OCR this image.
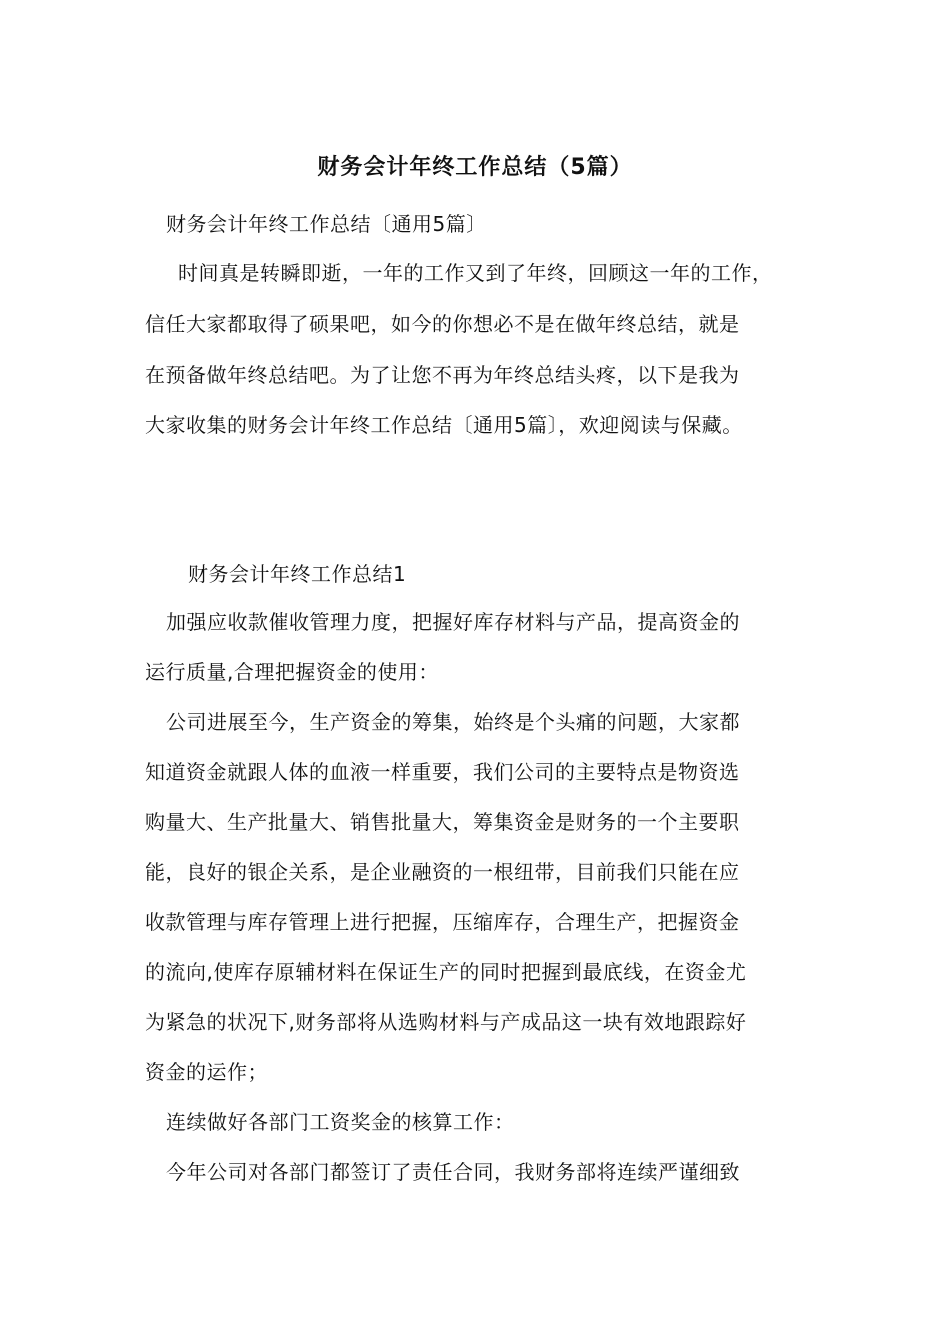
财务会计年终工作总结（5篇）
财务会计年终工作总结〔通用5篇〕
时间真是转瞬即逝，一年的工作又到了年终，回顾这一年的工作，
信任大家都取得了硕果吧，如今的你想必不是在做年终总结，就是
在预备做年终总结吧。为了让您不再为年终总结头疼，以下是我为
大家收集的财务会计年终工作总结〔通用5篇〕，欢迎阅读与保藏。
财务会计年终工作总结1
加强应收款催收管理力度，把握好库存材料与产品，提高资金的
运行质量,合理把握资金的使用：
公司进展至今，生产资金的筹集，始终是个头痛的问题，大家都
知道资金就跟人体的血液一样重要，我们公司的主要特点是物资选
购量大、生产批量大、销售批量大，筹集资金是财务的一个主要职
能，良好的银企关系，是企业融资的一根纽带，目前我们只能在应
收款管理与库存管理上进行把握，压缩库存，合理生产，把握资金
的流向,使库存原辅材料在保证生产的同时把握到最底线，在资金尤
为紧急的状况下,财务部将从选购材料与产成品这一块有效地跟踪好
资金的运作；
连续做好各部门工资奖金的核算工作：
今年公司对各部门都签订了责任合同，我财务部将连续严谨细致
